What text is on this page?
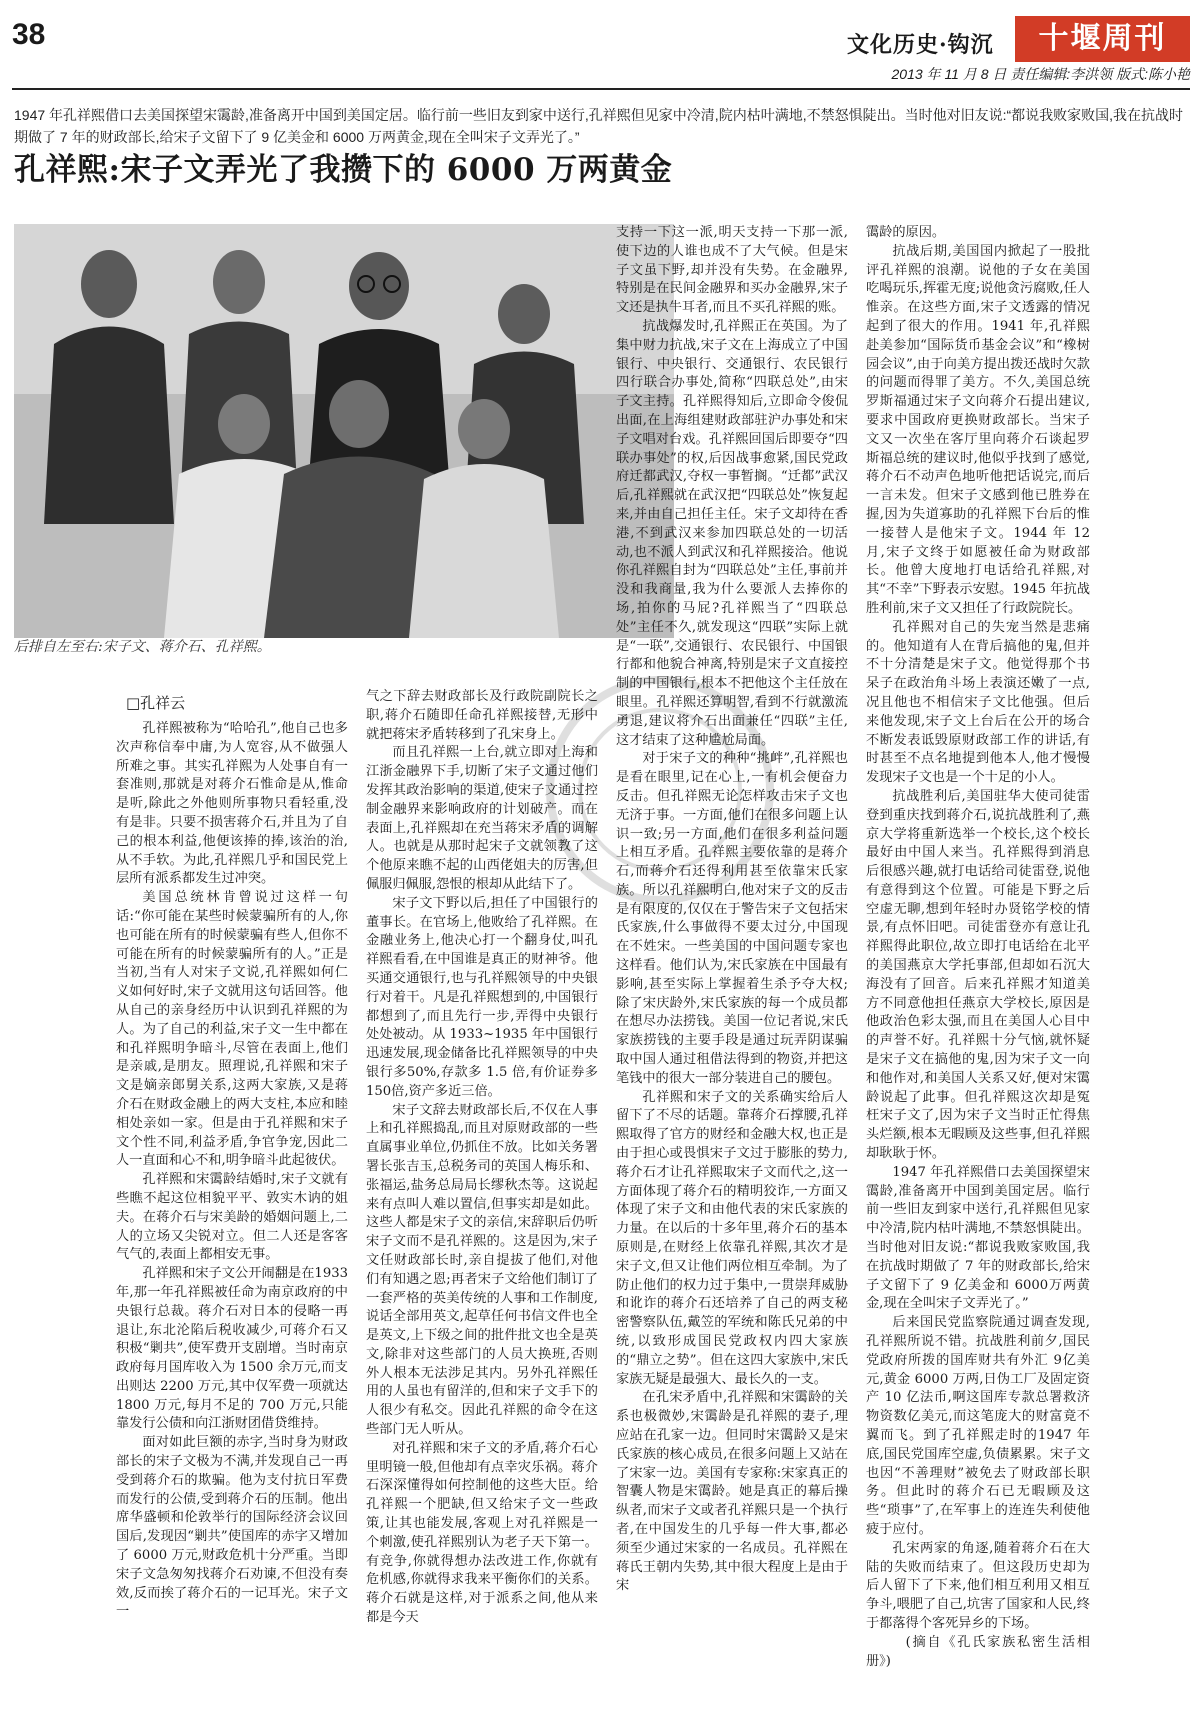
38	文化历史·钩沉	十堰周刊
2013 年 11 月 8 日 责任编辑:李洪领 版式:陈小艳
1947 年孔祥熙借口去美国探望宋霭龄,准备离开中国到美国定居。临行前一些旧友到家中送行,孔祥熙但见家中冷清,院内枯叶满地,不禁怒惧陡出。当时他对旧友说:“都说我败家败国,我在抗战时期做了 7 年的财政部长,给宋子文留下了 9 亿美金和 6000 万两黄金,现在全叫宋子文弄光了。”
孔祥熙:宋子文弄光了我攒下的 6000 万两黄金
后排自左至右:宋子文、蒋介石、孔祥熙。
□孔祥云

孔祥熙被称为“哈哈孔”,他自己也多次声称信奉中庸,为人宽容,从不做强人所难之事。其实孔祥熙为人处事自有一套准则,那就是对蒋介石惟命是从,惟命是听,除此之外他则所事物只看轻重,没有是非。只要不损害蒋介石,并且为了自己的根本利益,他便该捧的捧,该治的治,从不手软。为此,孔祥熙几乎和国民党上层所有派系都发生过冲突。

美国总统林肯曾说过这样一句话:“你可能在某些时候蒙骗所有的人,你也可能在所有的时候蒙骗有些人,但你不可能在所有的时候蒙骗所有的人。”正是当初,当有人对宋子文说,孔祥熙如何仁义如何好时,宋子文就用这句话回答。他从自己的亲身经历中认识到孔祥熙的为人。为了自己的利益,宋子文一生中都在和孔祥熙明争暗斗,尽管在表面上,他们是亲戚,是朋友。照理说,孔祥熙和宋子文是嫡亲郎舅关系,这两大家族,又是蒋介石在财政金融上的两大支柱,本应和睦相处亲如一家。但是由于孔祥熙和宋子文个性不同,利益矛盾,争官争宠,因此二人一直面和心不和,明争暗斗此起彼伏。

孔祥熙和宋霭龄结婚时,宋子文就有些瞧不起这位相貌平平、敦实木讷的姐夫。在蒋介石与宋美龄的婚姻问题上,二人的立场又尖锐对立。但二人还是客客气气的,表面上都相安无事。

孔祥熙和宋子文公开闹翻是在1933 年,那一年孔祥熙被任命为南京政府的中央银行总裁。蒋介石对日本的侵略一再退让,东北沦陷后税收减少,可蒋介石又积极“剿共”,使军费开支剧增。当时南京政府每月国库收入为 1500 余万元,而支出则达 2200 万元,其中仅军费一项就达 1800 万元,每月不足的 700 万元,只能靠发行公债和向江浙财团借贷维持。

面对如此巨额的赤字,当时身为财政部长的宋子文极为不满,并发现自己一再受到蒋介石的欺骗。他为支付抗日军费而发行的公债,受到蒋介石的压制。他出席华盛顿和伦敦举行的国际经济会议回国后,发现因“剿共”使国库的赤字又增加了 6000 万元,财政危机十分严重。当即宋子文急匆匆找蒋介石劝谏,不但没有奏效,反而挨了蒋介石的一记耳光。宋子文一

气之下辞去财政部长及行政院副院长之职,蒋介石随即任命孔祥熙接替,无形中就把蒋宋矛盾转移到了孔宋身上。

而且孔祥熙一上台,就立即对上海和江浙金融界下手,切断了宋子文通过他们发挥其政治影响的渠道,使宋子文通过控制金融界来影响政府的计划破产。而在表面上,孔祥熙却在充当蒋宋矛盾的调解人。也就是从那时起宋子文就领教了这个他原来瞧不起的山西佬姐夫的厉害,但佩服归佩服,怨恨的根却从此结下了。

宋子文下野以后,担任了中国银行的董事长。在官场上,他败给了孔祥熙。在金融业务上,他决心打一个翻身仗,叫孔祥熙看看,在中国谁是真正的财神爷。他买通交通银行,也与孔祥熙领导的中央银行对着干。凡是孔祥熙想到的,中国银行都想到了,而且先行一步,弄得中央银行处处被动。从 1933~1935 年中国银行迅速发展,现金储备比孔祥熙领导的中央银行多50%,存款多 1.5 倍,有价证券多 150倍,资产多近三倍。

宋子文辞去财政部长后,不仅在人事上和孔祥熙捣乱,而且对原财政部的一些直属事业单位,仍抓住不放。比如关务署署长张吉玉,总税务司的英国人梅乐和、张福运,盐务总局局长缪秋杰等。这说起来有点叫人难以置信,但事实却是如此。这些人都是宋子文的亲信,宋辞职后仍听宋子文而不是孔祥熙的。这是因为,宋子文任财政部长时,亲自提拔了他们,对他们有知遇之恩;再者宋子文给他们制订了一套严格的英美传统的人事和工作制度,说话全部用英文,起草任何书信文件也全是英文,上下级之间的批件批文也全是英文,除非对这些部门的人员大换班,否则外人根本无法涉足其内。另外孔祥熙任用的人虽也有留洋的,但和宋子文手下的人很少有私交。因此孔祥熙的命令在这些部门无人听从。

对孔祥熙和宋子文的矛盾,蒋介石心里明镜一般,但他却有点幸灾乐祸。蒋介石深深懂得如何控制他的这些大臣。给孔祥熙一个肥缺,但又给宋子文一些政策,让其也能发展,客观上对孔祥熙是一个刺激,使孔祥熙别认为老子天下第一。有竞争,你就得想办法改进工作,你就有危机感,你就得求我来平衡你们的关系。蒋介石就是这样,对于派系之间,他从来都是今天

支持一下这一派,明天支持一下那一派,使下边的人谁也成不了大气候。但是宋子文虽下野,却并没有失势。在金融界,特别是在民间金融界和买办金融界,宋子文还是执牛耳者,而且不买孔祥熙的账。

抗战爆发时,孔祥熙正在英国。为了集中财力抗战,宋子文在上海成立了中国银行、中央银行、交通银行、农民银行四行联合办事处,简称“四联总处”,由宋子文主持。孔祥熙得知后,立即命令俊侃出面,在上海组建财政部驻沪办事处和宋子文唱对台戏。孔祥熙回国后即要夺“四联办事处”的权,后因战事愈紧,国民党政府迁都武汉,夺权一事暂搁。“迁都”武汉后,孔祥熙就在武汉把“四联总处”恢复起来,并由自己担任主任。宋子文却待在香港,不到武汉来参加四联总处的一切活动,也不派人到武汉和孔祥熙接洽。他说你孔祥熙自封为“四联总处”主任,事前并没和我商量,我为什么要派人去捧你的场,拍你的马屁?孔祥熙当了“四联总处”主任不久,就发现这“四联”实际上就是“一联”,交通银行、农民银行、中国银行都和他貌合神离,特别是宋子文直接控制的中国银行,根本不把他这个主任放在眼里。孔祥熙还算明智,看到不行就激流勇退,建议将介石出面兼任“四联”主任,这才结束了这种尴尬局面。

对于宋子文的种种“挑衅”,孔祥熙也是看在眼里,记在心上,一有机会便奋力反击。但孔祥熙无论怎样攻击宋子文也无济于事。一方面,他们在很多问题上认识一致;另一方面,他们在很多利益问题上相互矛盾。孔祥熙主要依靠的是蒋介石,而蒋介石还得利用甚至依靠宋氏家族。所以孔祥熙明白,他对宋子文的反击是有限度的,仅仅在于警告宋子文包括宋氏家族,什么事做得不要太过分,中国现在不姓宋。一些美国的中国问题专家也这样看。他们认为,宋氏家族在中国最有影响,甚至实际上掌握着生杀予夺大权;除了宋庆龄外,宋氏家族的每一个成员都在想尽办法捞钱。美国一位记者说,宋氏家族捞钱的主要手段是通过玩弄阴谋骗取中国人通过租借法得到的物资,并把这笔钱中的很大一部分装进自己的腰包。

孔祥熙和宋子文的关系确实给后人留下了不尽的话题。靠蒋介石撑腰,孔祥熙取得了官方的财经和金融大权,也正是由于担心或畏惧宋子文过于膨胀的势力,蒋介石才让孔祥熙取宋子文而代之,这一方面体现了蒋介石的精明狡诈,一方面又体现了宋子文和由他代表的宋氏家族的力量。在以后的十多年里,蒋介石的基本原则是,在财经上依靠孔祥熙,其次才是宋子文,但又让他们两位相互牵制。为了防止他们的权力过于集中,一贯崇拜威胁和讹诈的蒋介石还培养了自己的两支秘密警察队伍,戴笠的军统和陈氏兄弟的中统,以致形成国民党政权内四大家族的“鼎立之势”。但在这四大家族中,宋氏家族无疑是最强大、最长久的一支。

在孔宋矛盾中,孔祥熙和宋霭龄的关系也极微妙,宋霭龄是孔祥熙的妻子,理应站在孔家一边。但同时宋霭龄又是宋氏家族的核心成员,在很多问题上又站在了宋家一边。美国有专家称:宋家真正的智囊人物是宋霭龄。她是真正的幕后操纵者,而宋子文或者孔祥熙只是一个执行者,在中国发生的几乎每一件大事,都必须至少通过宋家的一名成员。孔祥熙在蒋氏王朝内失势,其中很大程度上是由于宋

霭龄的原因。

抗战后期,美国国内掀起了一股批评孔祥熙的浪潮。说他的子女在美国吃喝玩乐,挥霍无度;说他贪污腐败,任人惟亲。在这些方面,宋子文透露的情况起到了很大的作用。1941 年,孔祥熙赴美参加“国际货币基金会议”和“橡树园会议”,由于向美方提出拨还战时欠款的问题而得罪了美方。不久,美国总统罗斯福通过宋子文向蒋介石提出建议,要求中国政府更换财政部长。当宋子文又一次坐在客厅里向蒋介石谈起罗斯福总统的建议时,他似乎找到了感觉,蒋介石不动声色地听他把话说完,而后一言未发。但宋子文感到他已胜券在握,因为失道寡助的孔祥熙下台后的惟一接替人是他宋子文。1944 年 12 月,宋子文终于如愿被任命为财政部长。他曾大度地打电话给孔祥熙,对其“不幸”下野表示安慰。1945 年抗战胜利前,宋子文又担任了行政院院长。

孔祥熙对自己的失宠当然是悲痛的。他知道有人在背后搞他的鬼,但并不十分清楚是宋子文。他觉得那个书呆子在政治角斗场上表演还嫩了一点,况且他也不相信宋子文比他强。但后来他发现,宋子文上台后在公开的场合不断发表诋毁原财政部工作的讲话,有时甚至不点名地提到他本人,他才慢慢发现宋子文也是一个十足的小人。

抗战胜利后,美国驻华大使司徒雷登到重庆找到蒋介石,说抗战胜利了,燕京大学将重新选举一个校长,这个校长最好由中国人来当。孔祥熙得到消息后很感兴趣,就打电话给司徒雷登,说他有意得到这个位置。可能是下野之后空虚无聊,想到年轻时办贤铭学校的情景,有点怀旧吧。司徒雷登亦有意让孔祥熙得此职位,故立即打电话给在北平的美国燕京大学托事部,但却如石沉大海没有了回音。后来孔祥熙才知道美方不同意他担任燕京大学校长,原因是他政治色彩太强,而且在美国人心目中的声誉不好。孔祥熙十分气恼,就怀疑是宋子文在搞他的鬼,因为宋子文一向和他作对,和美国人关系又好,便对宋霭龄说起了此事。但孔祥熙这次却是冤枉宋子文了,因为宋子文当时正忙得焦头烂额,根本无暇顾及这些事,但孔祥熙却耿耿于怀。

1947 年孔祥熙借口去美国探望宋霭龄,准备离开中国到美国定居。临行前一些旧友到家中送行,孔祥熙但见家中冷清,院内枯叶满地,不禁怒惧陡出。当时他对旧友说:“都说我败家败国,我在抗战时期做了 7 年的财政部长,给宋子文留下了 9 亿美金和 6000万两黄金,现在全叫宋子文弄光了。”

后来国民党监察院通过调查发现,孔祥熙所说不错。抗战胜利前夕,国民党政府所拨的国库财共有外汇 9亿美元,黄金 6000 万两,日伪工厂及固定资产 10 亿法币,啊这国库专款总署救济物资数亿美元,而这笔庞大的财富竟不翼而飞。到了孔祥熙走时的1947 年底,国民党国库空虚,负债累累。宋子文也因“不善理财”被免去了财政部长职务。但此时的蒋介石已无暇顾及这些“琐事”了,在军事上的连连失利使他疲于应付。

孔宋两家的角逐,随着蒋介石在大陆的失败而结束了。但这段历史却为后人留下了下来,他们相互利用又相互争斗,喂肥了自己,坑害了国家和人民,终于都落得个客死异乡的下场。

(摘自《孔氏家族私密生活相册》)
